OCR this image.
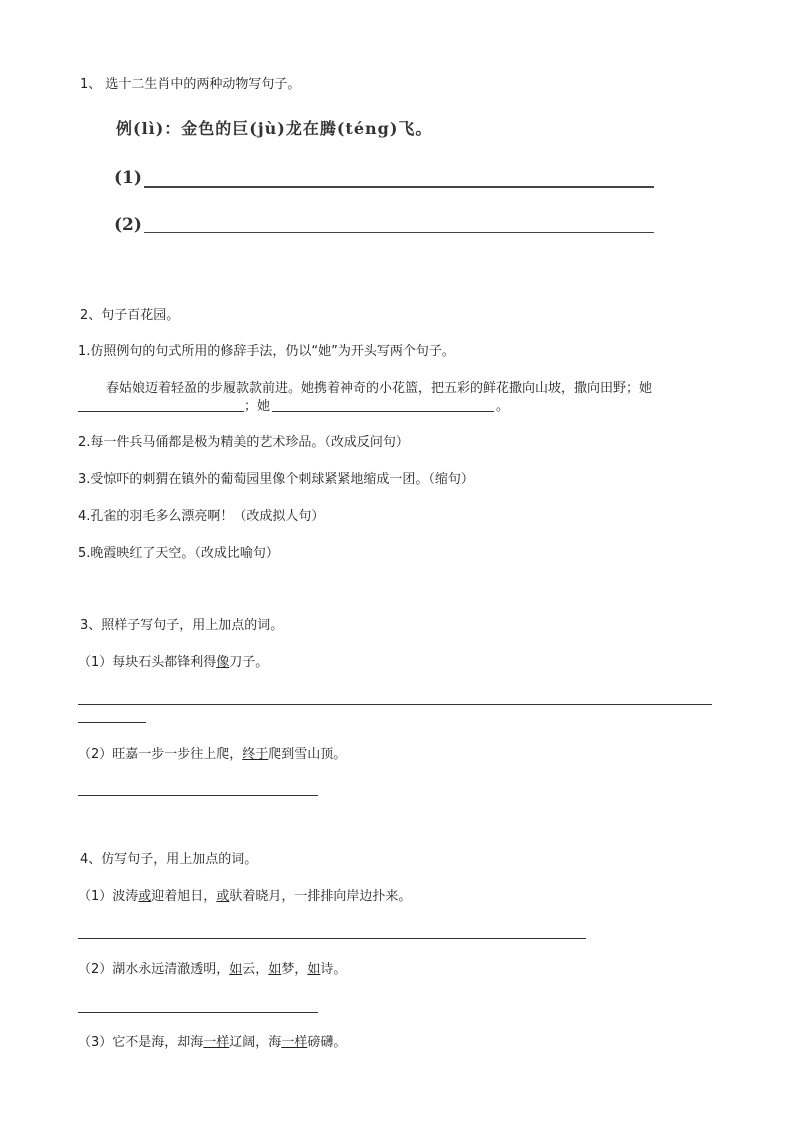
1、 选十二生肖中的两种动物写句子。
例(lì)：金色的巨(jù)龙在腾(téng)飞。
(1)
(2)
2、句子百花园。
1.仿照例句的句式所用的修辞手法，仍以“她”为开头写两个句子。
春姑娘迈着轻盈的步履款款前进。她携着神奇的小花篮，把五彩的鲜花撒向山坡，撒向田野；她
；她	。
2.每一件兵马俑都是极为精美的艺术珍品。（改成反问句）
3.受惊吓的刺猬在镇外的葡萄园里像个刺球紧紧地缩成一团。（缩句）
4.孔雀的羽毛多么漂亮啊！（改成拟人句）
5.晚霞映红了天空。（改成比喻句）
3、照样子写句子，用上加点的词。
（1）每块石头都锋利得像刀子。
（2）旺嘉一步一步往上爬，终于爬到雪山顶。
4、仿写句子，用上加点的词。
（1）波涛或迎着旭日，或驮着晓月，一排排向岸边扑来。
（2）湖水永远清澈透明，如云，如梦，如诗。
（3）它不是海，却海一样辽阔，海一样磅礴。
